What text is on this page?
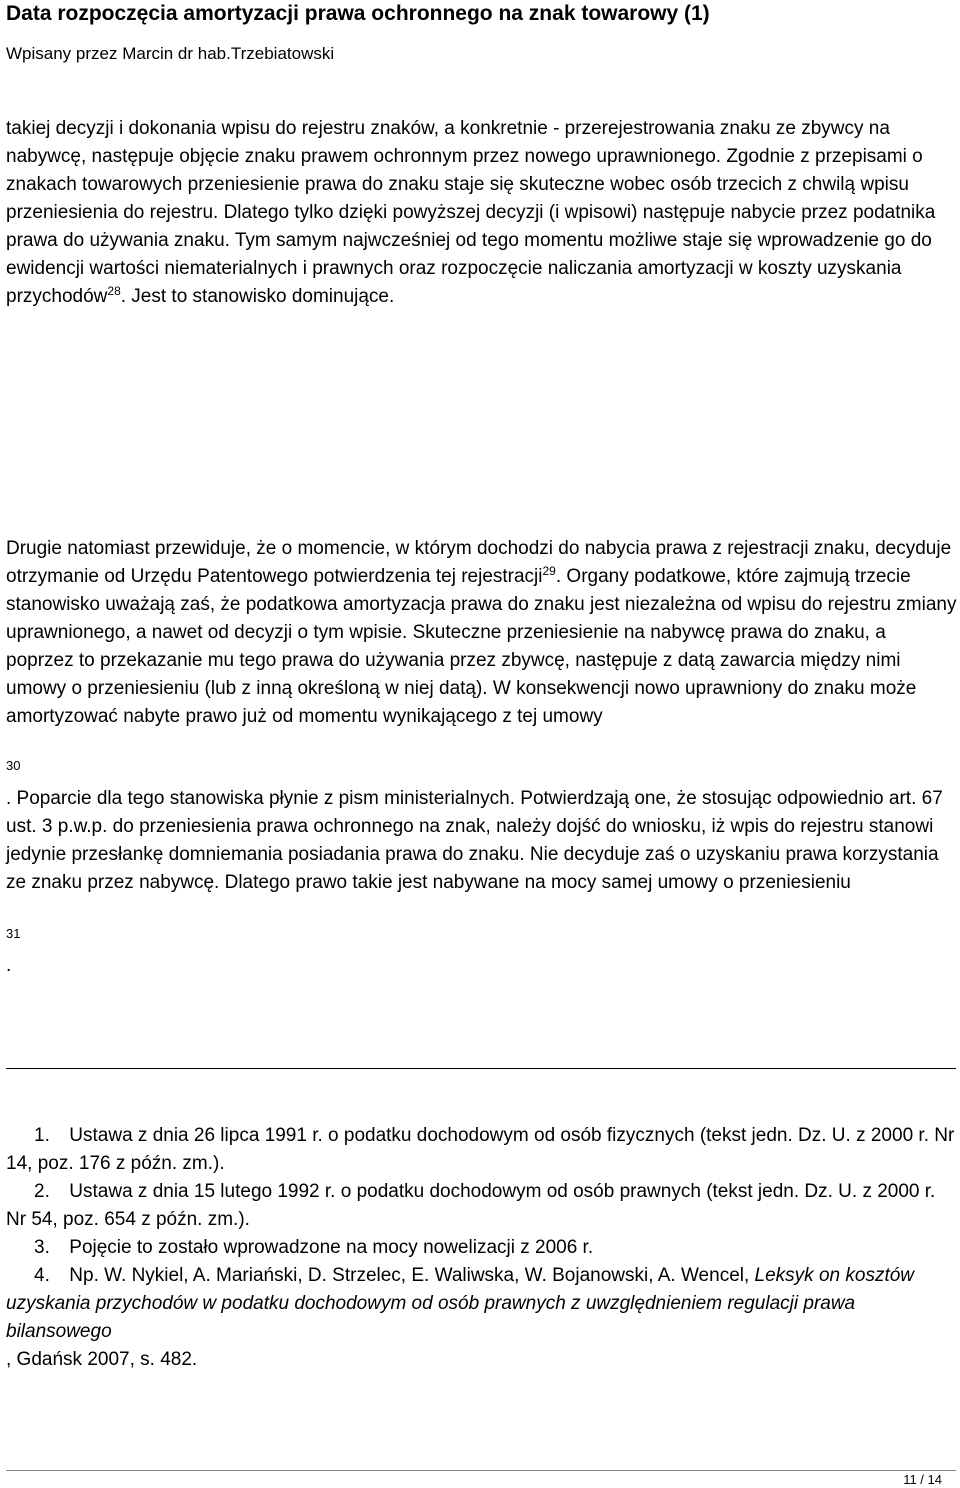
Data rozpoczęcia amortyzacji prawa ochronnego na znak towarowy (1)
Wpisany przez Marcin dr hab.Trzebiatowski

takiej decyzji i dokonania wpisu do rejestru znaków, a konkretnie - przerejestrowania znaku ze zbywcy na nabywcę, następuje objęcie znaku prawem ochronnym przez nowego uprawnionego. Zgodnie z przepisami o znakach towarowych przeniesienie prawa do znaku staje się skuteczne wobec osób trzecich z chwilą wpisu przeniesienia do rejestru. Dlatego tylko dzięki powyższej decyzji (i wpisowi) następuje nabycie przez podatnika prawa do używania znaku. Tym samym najwcześniej od tego momentu możliwe staje się wprowadzenie go do ewidencji wartości niematerialnych i prawnych oraz rozpoczęcie naliczania amortyzacji w koszty uzyskania przychodów$^{28}$. Jest to stanowisko dominujące.

Drugie natomiast przewiduje, że o momencie, w którym dochodzi do nabycia prawa z rejestracji znaku, decyduje otrzymanie od Urzędu Patentowego potwierdzenia tej rejestracji$^{29}$. Organy podatkowe, które zajmują trzecie stanowisko uważają zaś, że podatkowa amortyzacja prawa do znaku jest niezależna od wpisu do rejestru zmiany uprawnionego, a nawet od decyzji o tym wpisie. Skuteczne przeniesienie na nabywcę prawa do znaku, a poprzez to przekazanie mu tego prawa do używania przez zbywcę, następuje z datą zawarcia między nimi umowy o przeniesieniu (lub z inną określoną w niej datą). W konsekwencji nowo uprawniony do znaku może amortyzować nabyte prawo już od momentu wynikającego z tej umowy

30

. Poparcie dla tego stanowiska płynie z pism ministerialnych. Potwierdzają one, że stosując odpowiednio art. 67 ust. 3 p.w.p. do przeniesienia prawa ochronnego na znak, należy dojść do wniosku, iż wpis do rejestru stanowi jedynie przesłankę domniemania posiadania prawa do znaku. Nie decyduje zaś o uzyskaniu prawa korzystania ze znaku przez nabywcę. Dlatego prawo takie jest nabywane na mocy samej umowy o przeniesieniu

31
.

1. Ustawa z dnia 26 lipca 1991 r. o podatku dochodowym od osób fizycznych (tekst jedn. Dz. U. z 2000 r. Nr 14, poz. 176 z późn. zm.).

2. Ustawa z dnia 15 lutego 1992 r. o podatku dochodowym od osób prawnych (tekst jedn. Dz. U. z 2000 r. Nr 54, poz. 654 z późn. zm.).

3. Pojęcie to zostało wprowadzone na mocy nowelizacji z 2006 r.

4. Np. W. Nykiel, A. Mariański, D. Strzelec, E. Waliwska, W. Bojanowski, A. Wencel, Leksyk on kosztów uzyskania przychodów w podatku dochodowym od osób prawnych z uwzględnieniem regulacji prawa bilansowego
, Gdańsk 2007, s. 482.

11 / 14
